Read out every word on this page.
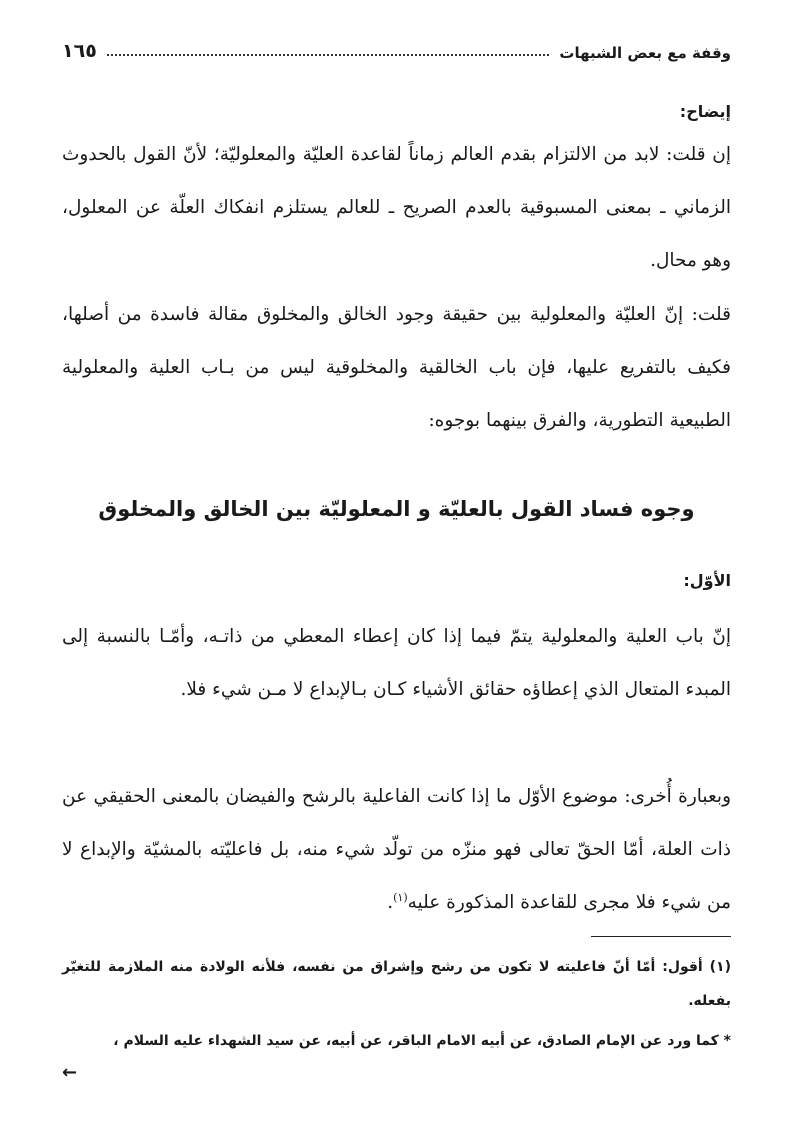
وقفة مع بعض الشبهات
١٦٥
إيضاح:

إن قلت: لابد من الالتزام بقدم العالم زماناً لقاعدة العليّة والمعلوليّة؛ لأنّ القول بالحدوث الزماني ـ بمعنى المسبوقية بالعدم الصريح ـ للعالم يستلزم انفكاك العلّة عن المعلول، وهو محال.

قلت: إنّ العليّة والمعلولية بين حقيقة وجود الخالق والمخلوق مقالة فاسدة من أصلها، فكيف بالتفريع عليها، فإن باب الخالقية والمخلوقية ليس من بـاب العلية والمعلولية الطبيعية التطورية، والفرق بينهما بوجوه:

وجوه فساد القول بالعليّة و المعلوليّة بين الخالق والمخلوق
الأوّل:

إنّ باب العلية والمعلولية يتمّ فيما إذا كان إعطاء المعطي من ذاتـه، وأمّـا بالنسبة إلى المبدء المتعال الذي إعطاؤه حقائق الأشياء كـان بـالإبداع لا مـن شيء فلا.

وبعبارة أُخرى: موضوع الأوّل ما إذا كانت الفاعلية بالرشح والفيضان بالمعنى الحقيقي عن ذات العلة، أمّا الحقّ تعالى فهو منزّه من تولّد شيء منه، بل فاعليّته بالمشيّة والإبداع لا من شيء فلا مجرى للقاعدة المذكورة عليه$^{(١)}$.

(١) أقول: أمّا أنّ فاعليته لا تكون من رشح وإشراق من نفسه، فلأنه الولادة منه الملازمة للتغيّر بفعله.

* كما ورد عن الإمام الصادق، عن أبيه الامام الباقر، عن أبيه، عن سيد الشهداء عليه السلام ،

←
